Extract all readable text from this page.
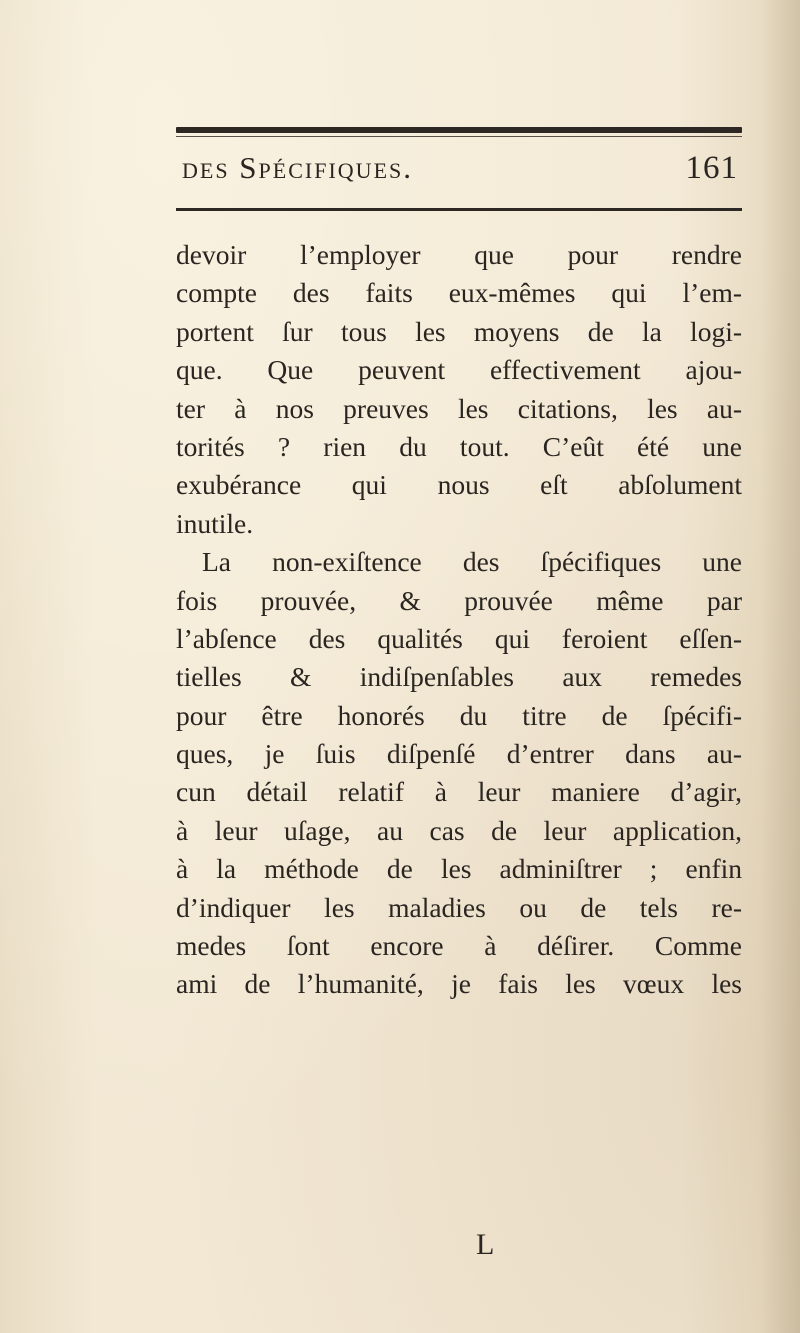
des Spécifiques.	161
devoir l’employer que pour rendre
compte des faits eux-mêmes qui l’em-
portent ſur tous les moyens de la logi-
que. Que peuvent effectivement ajou-
ter à nos preuves les citations, les au-
torités ? rien du tout. C’eût été une
exubérance qui nous eſt abſolument
inutile.
La non-exiſtence des ſpécifiques une
fois prouvée, & prouvée même par
l’abſence des qualités qui feroient eſſen-
tielles & indiſpenſables aux remedes
pour être honorés du titre de ſpécifi-
ques, je ſuis diſpenſé d’entrer dans au-
cun détail relatif à leur maniere d’agir,
à leur uſage, au cas de leur application,
à la méthode de les adminiſtrer ; enfin
d’indiquer les maladies ou de tels re-
medes ſont encore à déſirer. Comme
ami de l’humanité, je fais les vœux les
L
